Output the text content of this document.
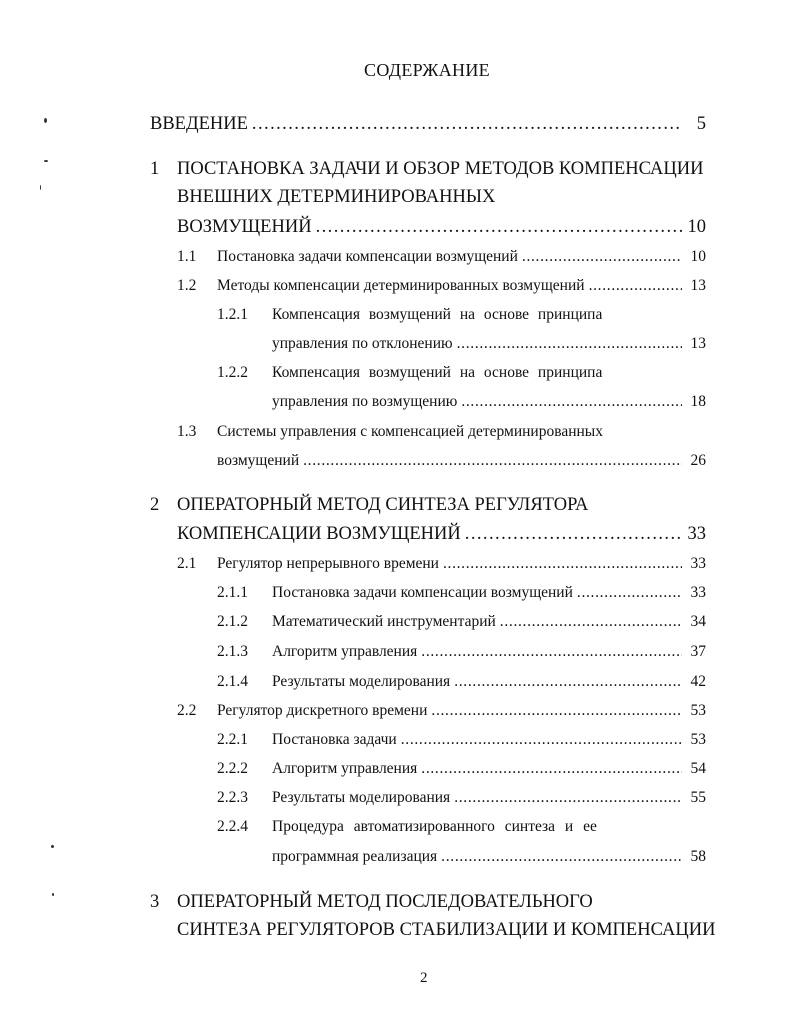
СОДЕРЖАНИЕ
ВВЕДЕНИЕ . . .	5
1 ПОСТАНОВКА ЗАДАЧИ И ОБЗОР МЕТОДОВ КОМПЕНСАЦИИ
ВНЕШНИХ ДЕТЕРМИНИРОВАННЫХ
ВОЗМУЩЕНИЙ . . .	10
1.1 Постановка задачи компенсации возмущений . . .	10
1.2 Методы компенсации детерминированных возмущений . . .	13
1.2.1 Компенсация возмущений на основе принципа
управления по отклонению . . .	13
1.2.2 Компенсация возмущений на основе принципа
управления по возмущению . . .	18
1.3 Системы управления с компенсацией детерминированных
возмущений . . .	26
2 ОПЕРАТОРНЫЙ МЕТОД СИНТЕЗА РЕГУЛЯТОРА
КОМПЕНСАЦИИ ВОЗМУЩЕНИЙ . . .	33
2.1 Регулятор непрерывного времени . . .	33
2.1.1 Постановка задачи компенсации возмущений . . .	33
2.1.2 Математический инструментарий . . .	34
2.1.3 Алгоритм управления . . .	37
2.1.4 Результаты моделирования . . .	42
2.2 Регулятор дискретного времени . . .	53
2.2.1 Постановка задачи . . .	53
2.2.2 Алгоритм управления . . .	54
2.2.3 Результаты моделирования . . .	55
2.2.4 Процедура автоматизированного синтеза и ее
программная реализация . . .	58
3 ОПЕРАТОРНЫЙ МЕТОД ПОСЛЕДОВАТЕЛЬНОГО
СИНТЕЗА РЕГУЛЯТОРОВ СТАБИЛИЗАЦИИ И КОМПЕНСАЦИИ
2
